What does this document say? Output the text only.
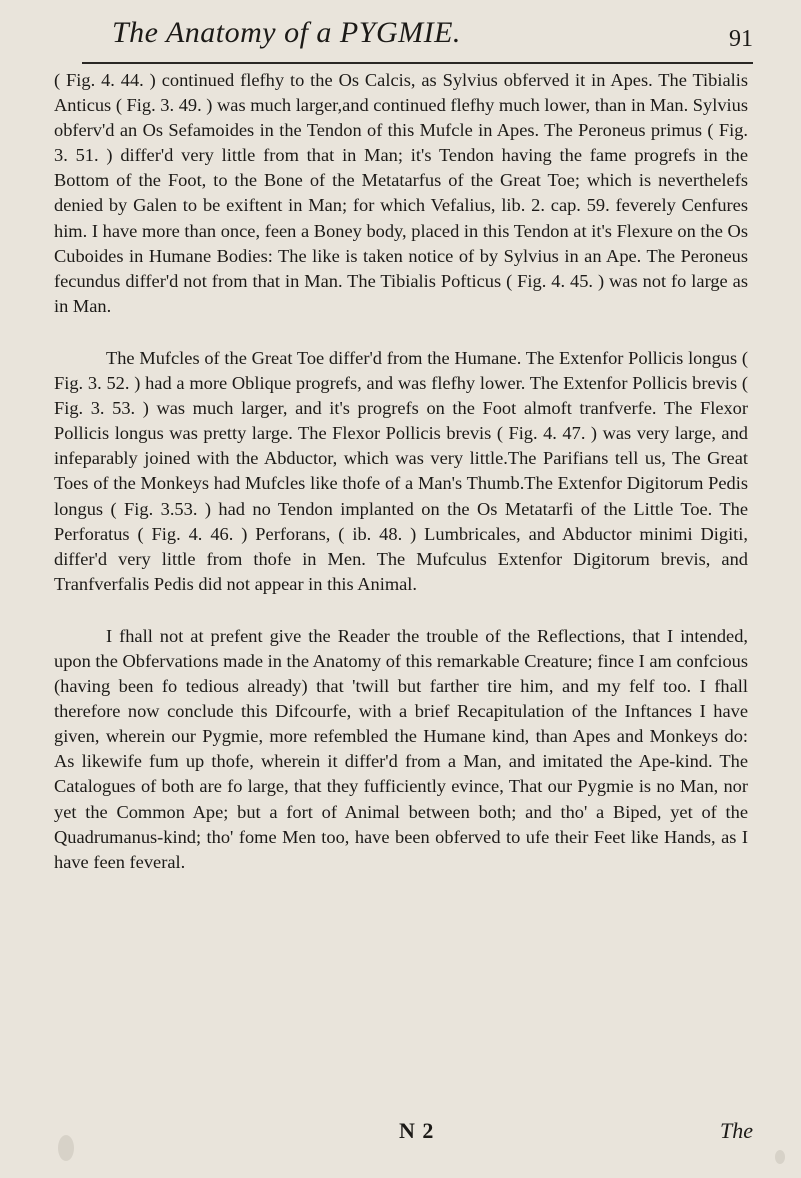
The Anatomy of a PYGMIE.	91

( Fig. 4. 44. ) continued flefhy to the Os Calcis, as Sylvius obferved it in Apes. The Tibialis Anticus ( Fig. 3. 49. ) was much larger,and continued flefhy much lower, than in Man. Sylvius obferv'd an Os Sefamoides in the Tendon of this Mufcle in Apes. The Peroneus primus ( Fig. 3. 51. ) differ'd very little from that in Man; it's Tendon having the fame progrefs in the Bottom of the Foot, to the Bone of the Metatarfus of the Great Toe; which is neverthelefs denied by Galen to be exiftent in Man; for which Vefalius, lib. 2. cap. 59. feverely Cenfures him. I have more than once, feen a Boney body, placed in this Tendon at it's Flexure on the Os Cuboides in Humane Bodies: The like is taken notice of by Sylvius in an Ape. The Peroneus fecundus differ'd not from that in Man. The Tibialis Pofticus ( Fig. 4. 45. ) was not fo large as in Man.

The Mufcles of the Great Toe differ'd from the Humane. The Extenfor Pollicis longus ( Fig. 3. 52. ) had a more Oblique progrefs, and was flefhy lower. The Extenfor Pollicis brevis ( Fig. 3. 53. ) was much larger, and it's progrefs on the Foot almoft tranfverfe. The Flexor Pollicis longus was pretty large. The Flexor Pollicis brevis ( Fig. 4. 47. ) was very large, and infeparably joined with the Abductor, which was very little.The Parifians tell us, The Great Toes of the Monkeys had Mufcles like thofe of a Man's Thumb.The Extenfor Digitorum Pedis longus ( Fig. 3.53. ) had no Tendon implanted on the Os Metatarfi of the Little Toe. The Perforatus ( Fig. 4. 46. ) Perforans, ( ib. 48. ) Lumbricales, and Abductor minimi Digiti, differ'd very little from thofe in Men. The Mufculus Extenfor Digitorum brevis, and Tranfverfalis Pedis did not appear in this Animal.

I fhall not at prefent give the Reader the trouble of the Reflections, that I intended, upon the Obfervations made in the Anatomy of this remarkable Creature; fince I am confcious (having been fo tedious already) that 'twill but farther tire him, and my felf too. I fhall therefore now conclude this Difcourfe, with a brief Recapitulation of the Inftances I have given, wherein our Pygmie, more refembled the Humane kind, than Apes and Monkeys do: As likewife fum up thofe, wherein it differ'd from a Man, and imitated the Ape-kind. The Catalogues of both are fo large, that they fufficiently evince, That our Pygmie is no Man, nor yet the Common Ape; but a fort of Animal between both; and tho' a Biped, yet of the Quadrumanus-kind; tho' fome Men too, have been obferved to ufe their Feet like Hands, as I have feen feveral.

N 2	The
